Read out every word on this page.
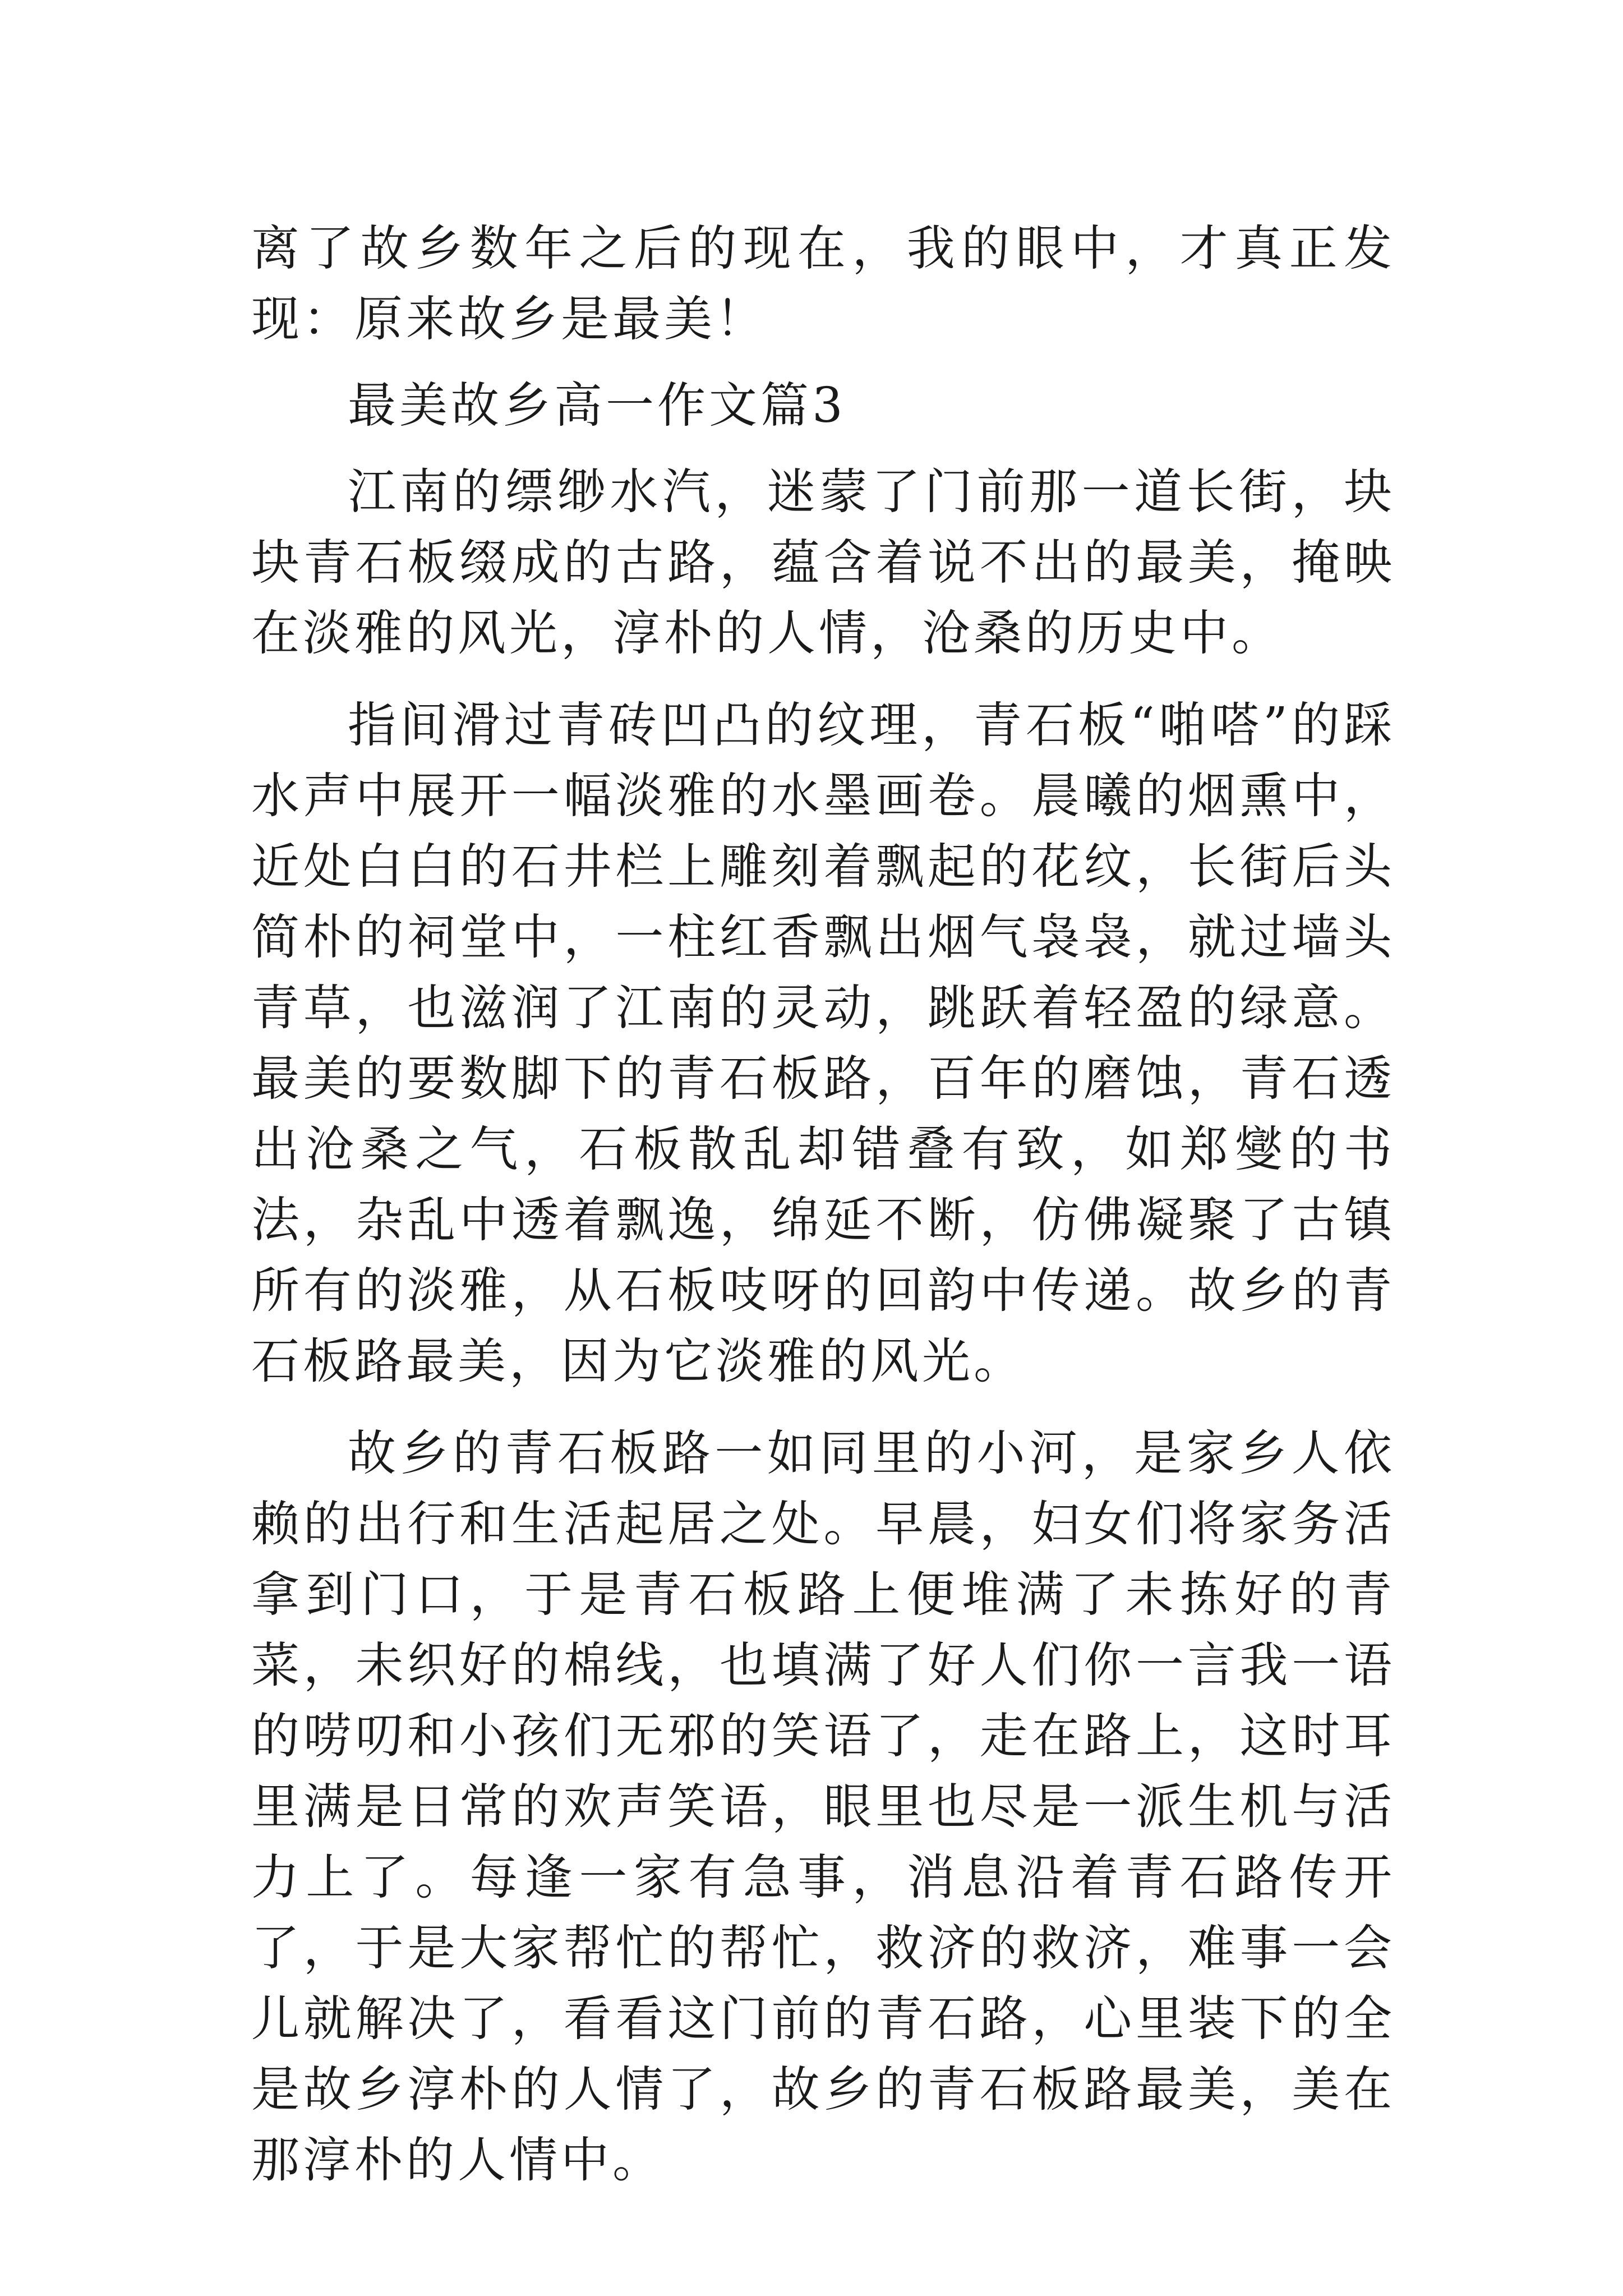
离了故乡数年之后的现在，我的眼中，才真正发现：原来故乡是最美！

最美故乡高一作文篇3

江南的缥缈水汽，迷蒙了门前那一道长街，块块青石板缀成的古路，蕴含着说不出的最美，掩映在淡雅的风光，淳朴的人情，沧桑的历史中。

指间滑过青砖凹凸的纹理，青石板“啪嗒”的踩水声中展开一幅淡雅的水墨画卷。晨曦的烟熏中，近处白白的石井栏上雕刻着飘起的花纹，长街后头简朴的祠堂中，一柱红香飘出烟气袅袅，就过墙头青草，也滋润了江南的灵动，跳跃着轻盈的绿意。最美的要数脚下的青石板路，百年的磨蚀，青石透出沧桑之气，石板散乱却错叠有致，如郑燮的书法，杂乱中透着飘逸，绵延不断，仿佛凝聚了古镇所有的淡雅，从石板吱呀的回韵中传递。故乡的青石板路最美，因为它淡雅的风光。

故乡的青石板路一如同里的小河，是家乡人依赖的出行和生活起居之处。早晨，妇女们将家务活拿到门口，于是青石板路上便堆满了未拣好的青菜，未织好的棉线，也填满了好人们你一言我一语的唠叨和小孩们无邪的笑语了，走在路上，这时耳里满是日常的欢声笑语，眼里也尽是一派生机与活力上了。每逢一家有急事，消息沿着青石路传开了，于是大家帮忙的帮忙，救济的救济，难事一会儿就解决了，看看这门前的青石路，心里装下的全是故乡淳朴的人情了，故乡的青石板路最美，美在那淳朴的人情中。
